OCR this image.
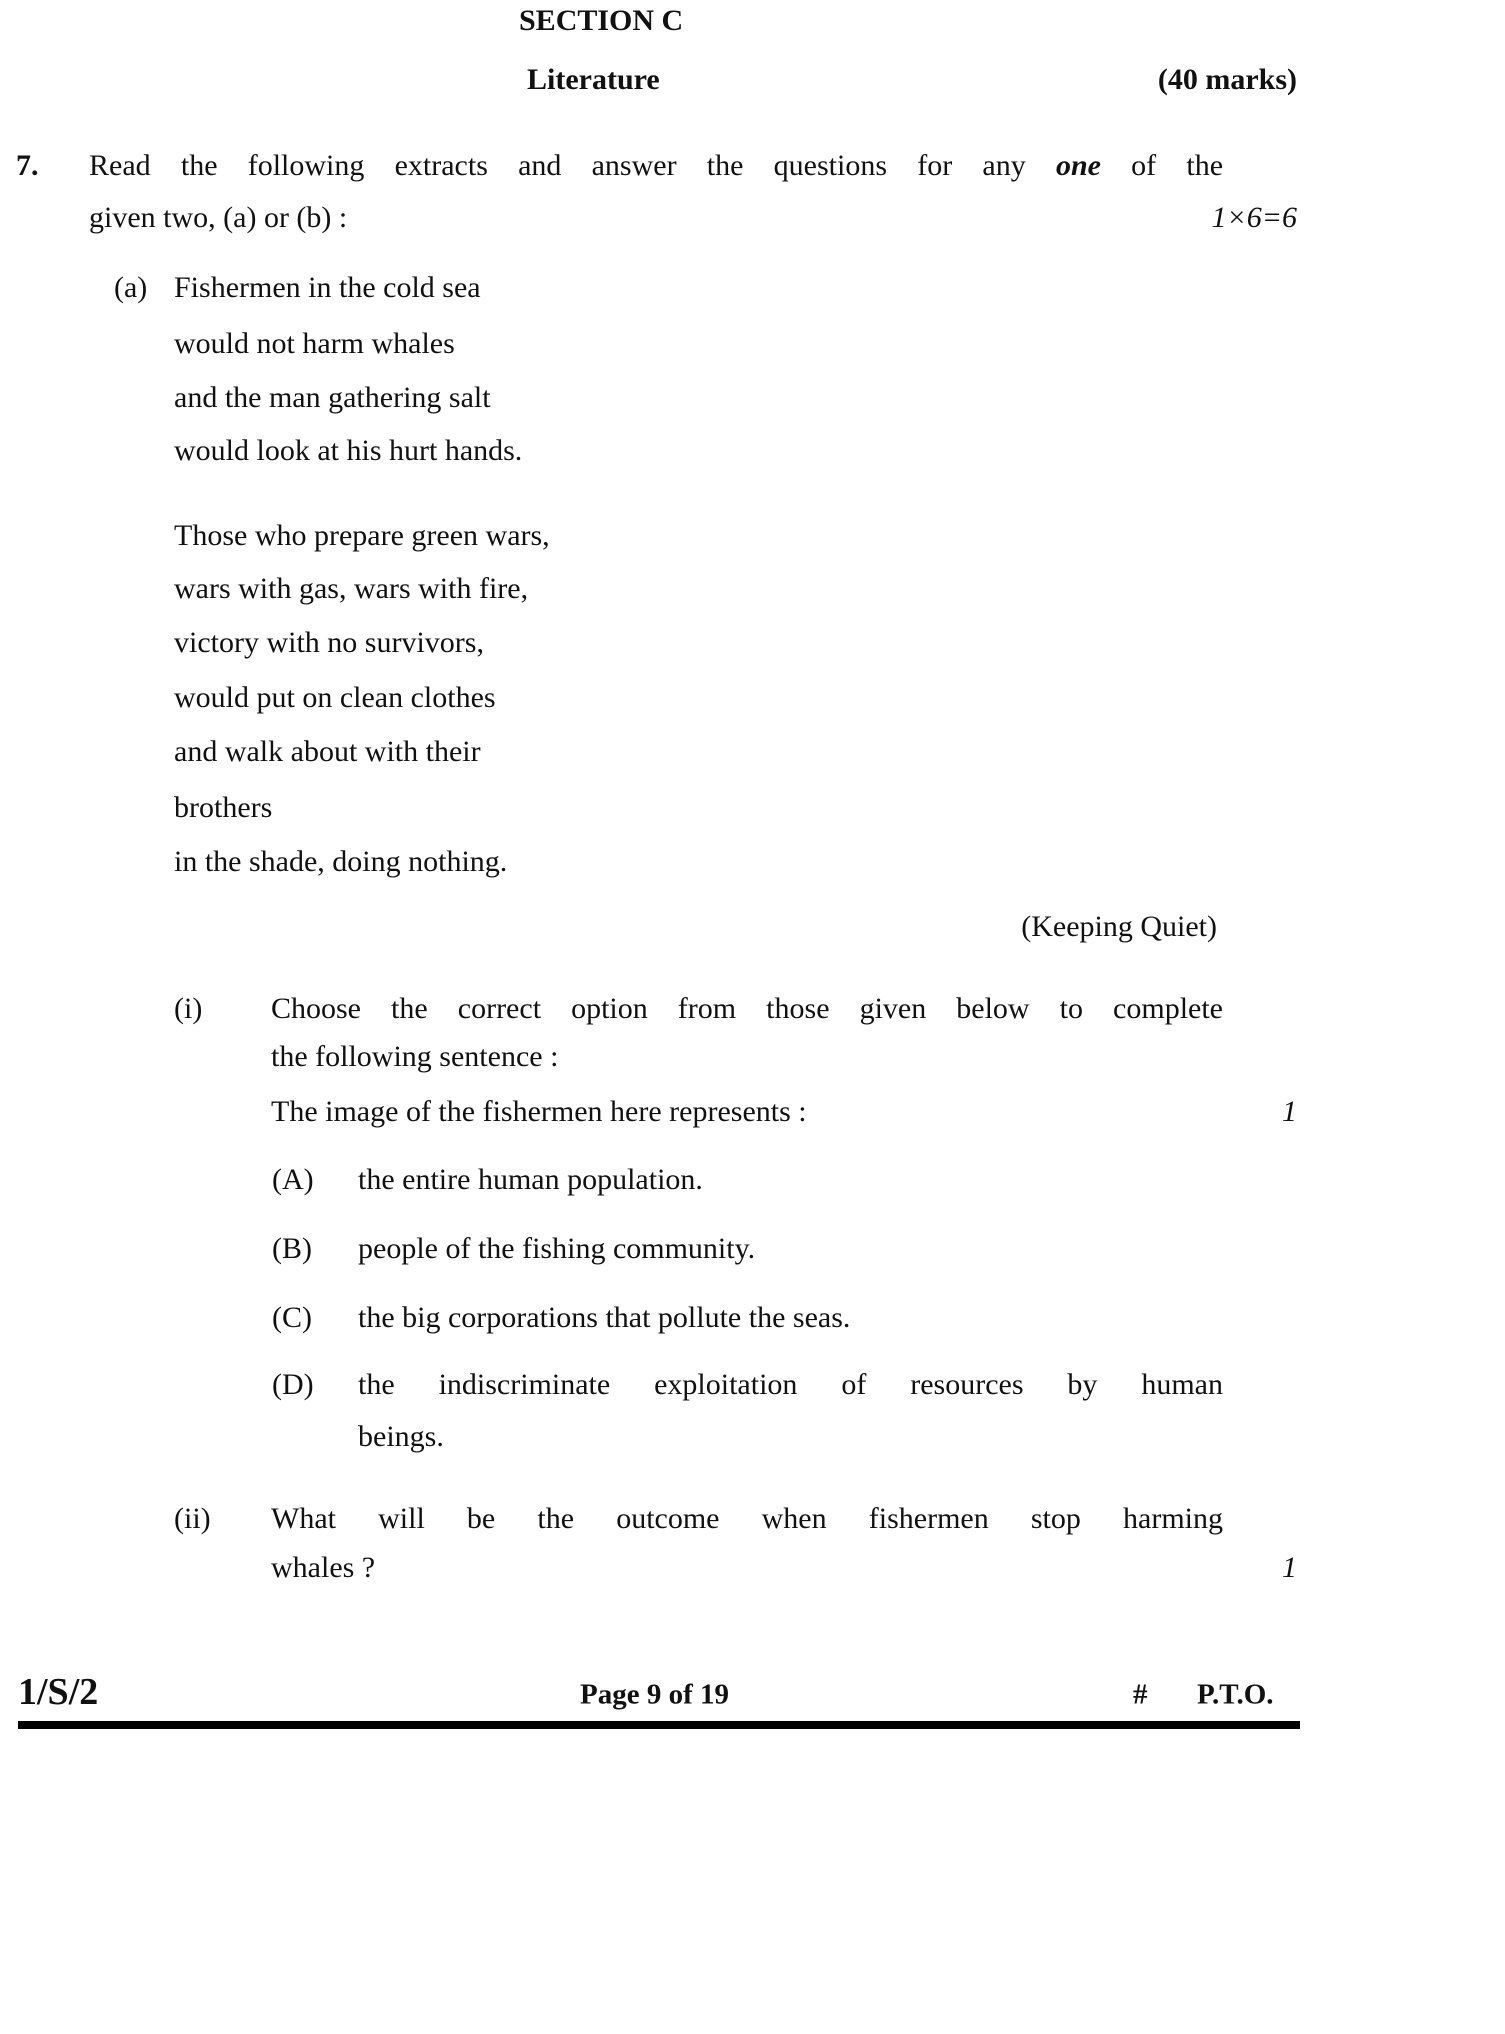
SECTION C
Literature	(40 marks)
7. Read the following extracts and answer the questions for any one of the
given two, (a) or (b) :	1×6=6
(a) Fishermen in the cold sea
would not harm whales
and the man gathering salt
would look at his hurt hands.
Those who prepare green wars,
wars with gas, wars with fire,
victory with no survivors,
would put on clean clothes
and walk about with their
brothers
in the shade, doing nothing.
(Keeping Quiet)
(i) Choose the correct option from those given below to complete
the following sentence :
The image of the fishermen here represents :	1
(A) the entire human population.
(B) people of the fishing community.
(C) the big corporations that pollute the seas.
(D) the indiscriminate exploitation of resources by human
beings.
(ii) What will be the outcome when fishermen stop harming
whales ?	1
1/S/2	Page 9 of 19	# P.T.O.
